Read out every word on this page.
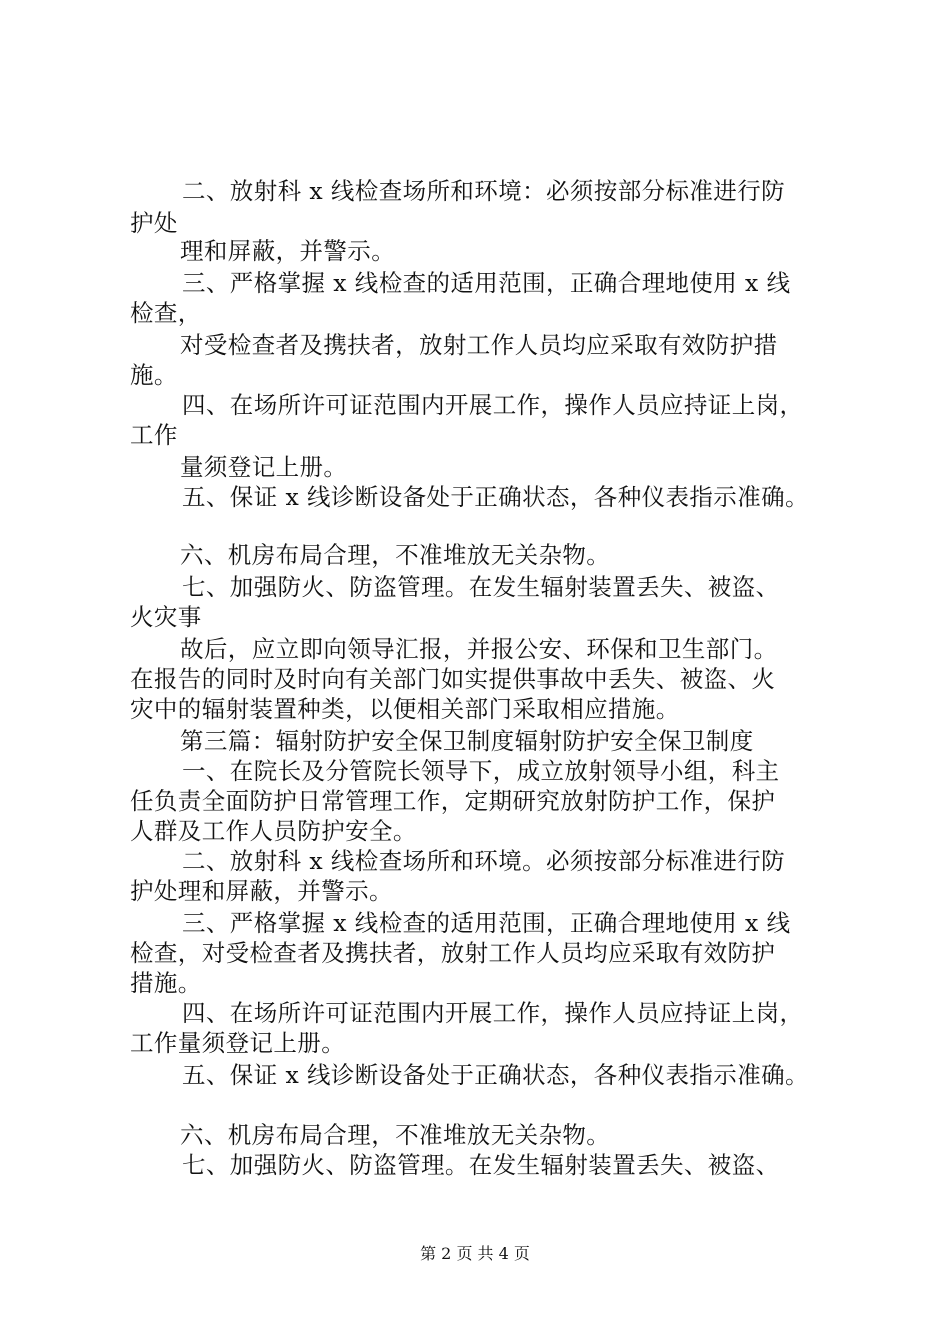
二、放射科 x 线检查场所和环境：必须按部分标准进行防
护处
理和屏蔽，并警示。
三、严格掌握 x 线检查的适用范围，正确合理地使用 x 线
检查，
对受检查者及携扶者，放射工作人员均应采取有效防护措
施。
四、在场所许可证范围内开展工作，操作人员应持证上岗，
工作
量须登记上册。
五、保证 x 线诊断设备处于正确状态，各种仪表指示准确。
六、机房布局合理，不准堆放无关杂物。
七、加强防火、防盗管理。在发生辐射装置丢失、被盗、
火灾事
故后，应立即向领导汇报，并报公安、环保和卫生部门。
在报告的同时及时向有关部门如实提供事故中丢失、被盗、火
灾中的辐射装置种类，以便相关部门采取相应措施。
第三篇：辐射防护安全保卫制度辐射防护安全保卫制度
一、在院长及分管院长领导下，成立放射领导小组，科主
任负责全面防护日常管理工作，定期研究放射防护工作，保护
人群及工作人员防护安全。
二、放射科 x 线检查场所和环境。必须按部分标准进行防
护处理和屏蔽，并警示。
三、严格掌握 x 线检查的适用范围，正确合理地使用 x 线
检查，对受检查者及携扶者，放射工作人员均应采取有效防护
措施。
四、在场所许可证范围内开展工作，操作人员应持证上岗，
工作量须登记上册。
五、保证 x 线诊断设备处于正确状态，各种仪表指示准确。
六、机房布局合理，不准堆放无关杂物。
七、加强防火、防盗管理。在发生辐射装置丢失、被盗、
第 2 页 共 4 页
